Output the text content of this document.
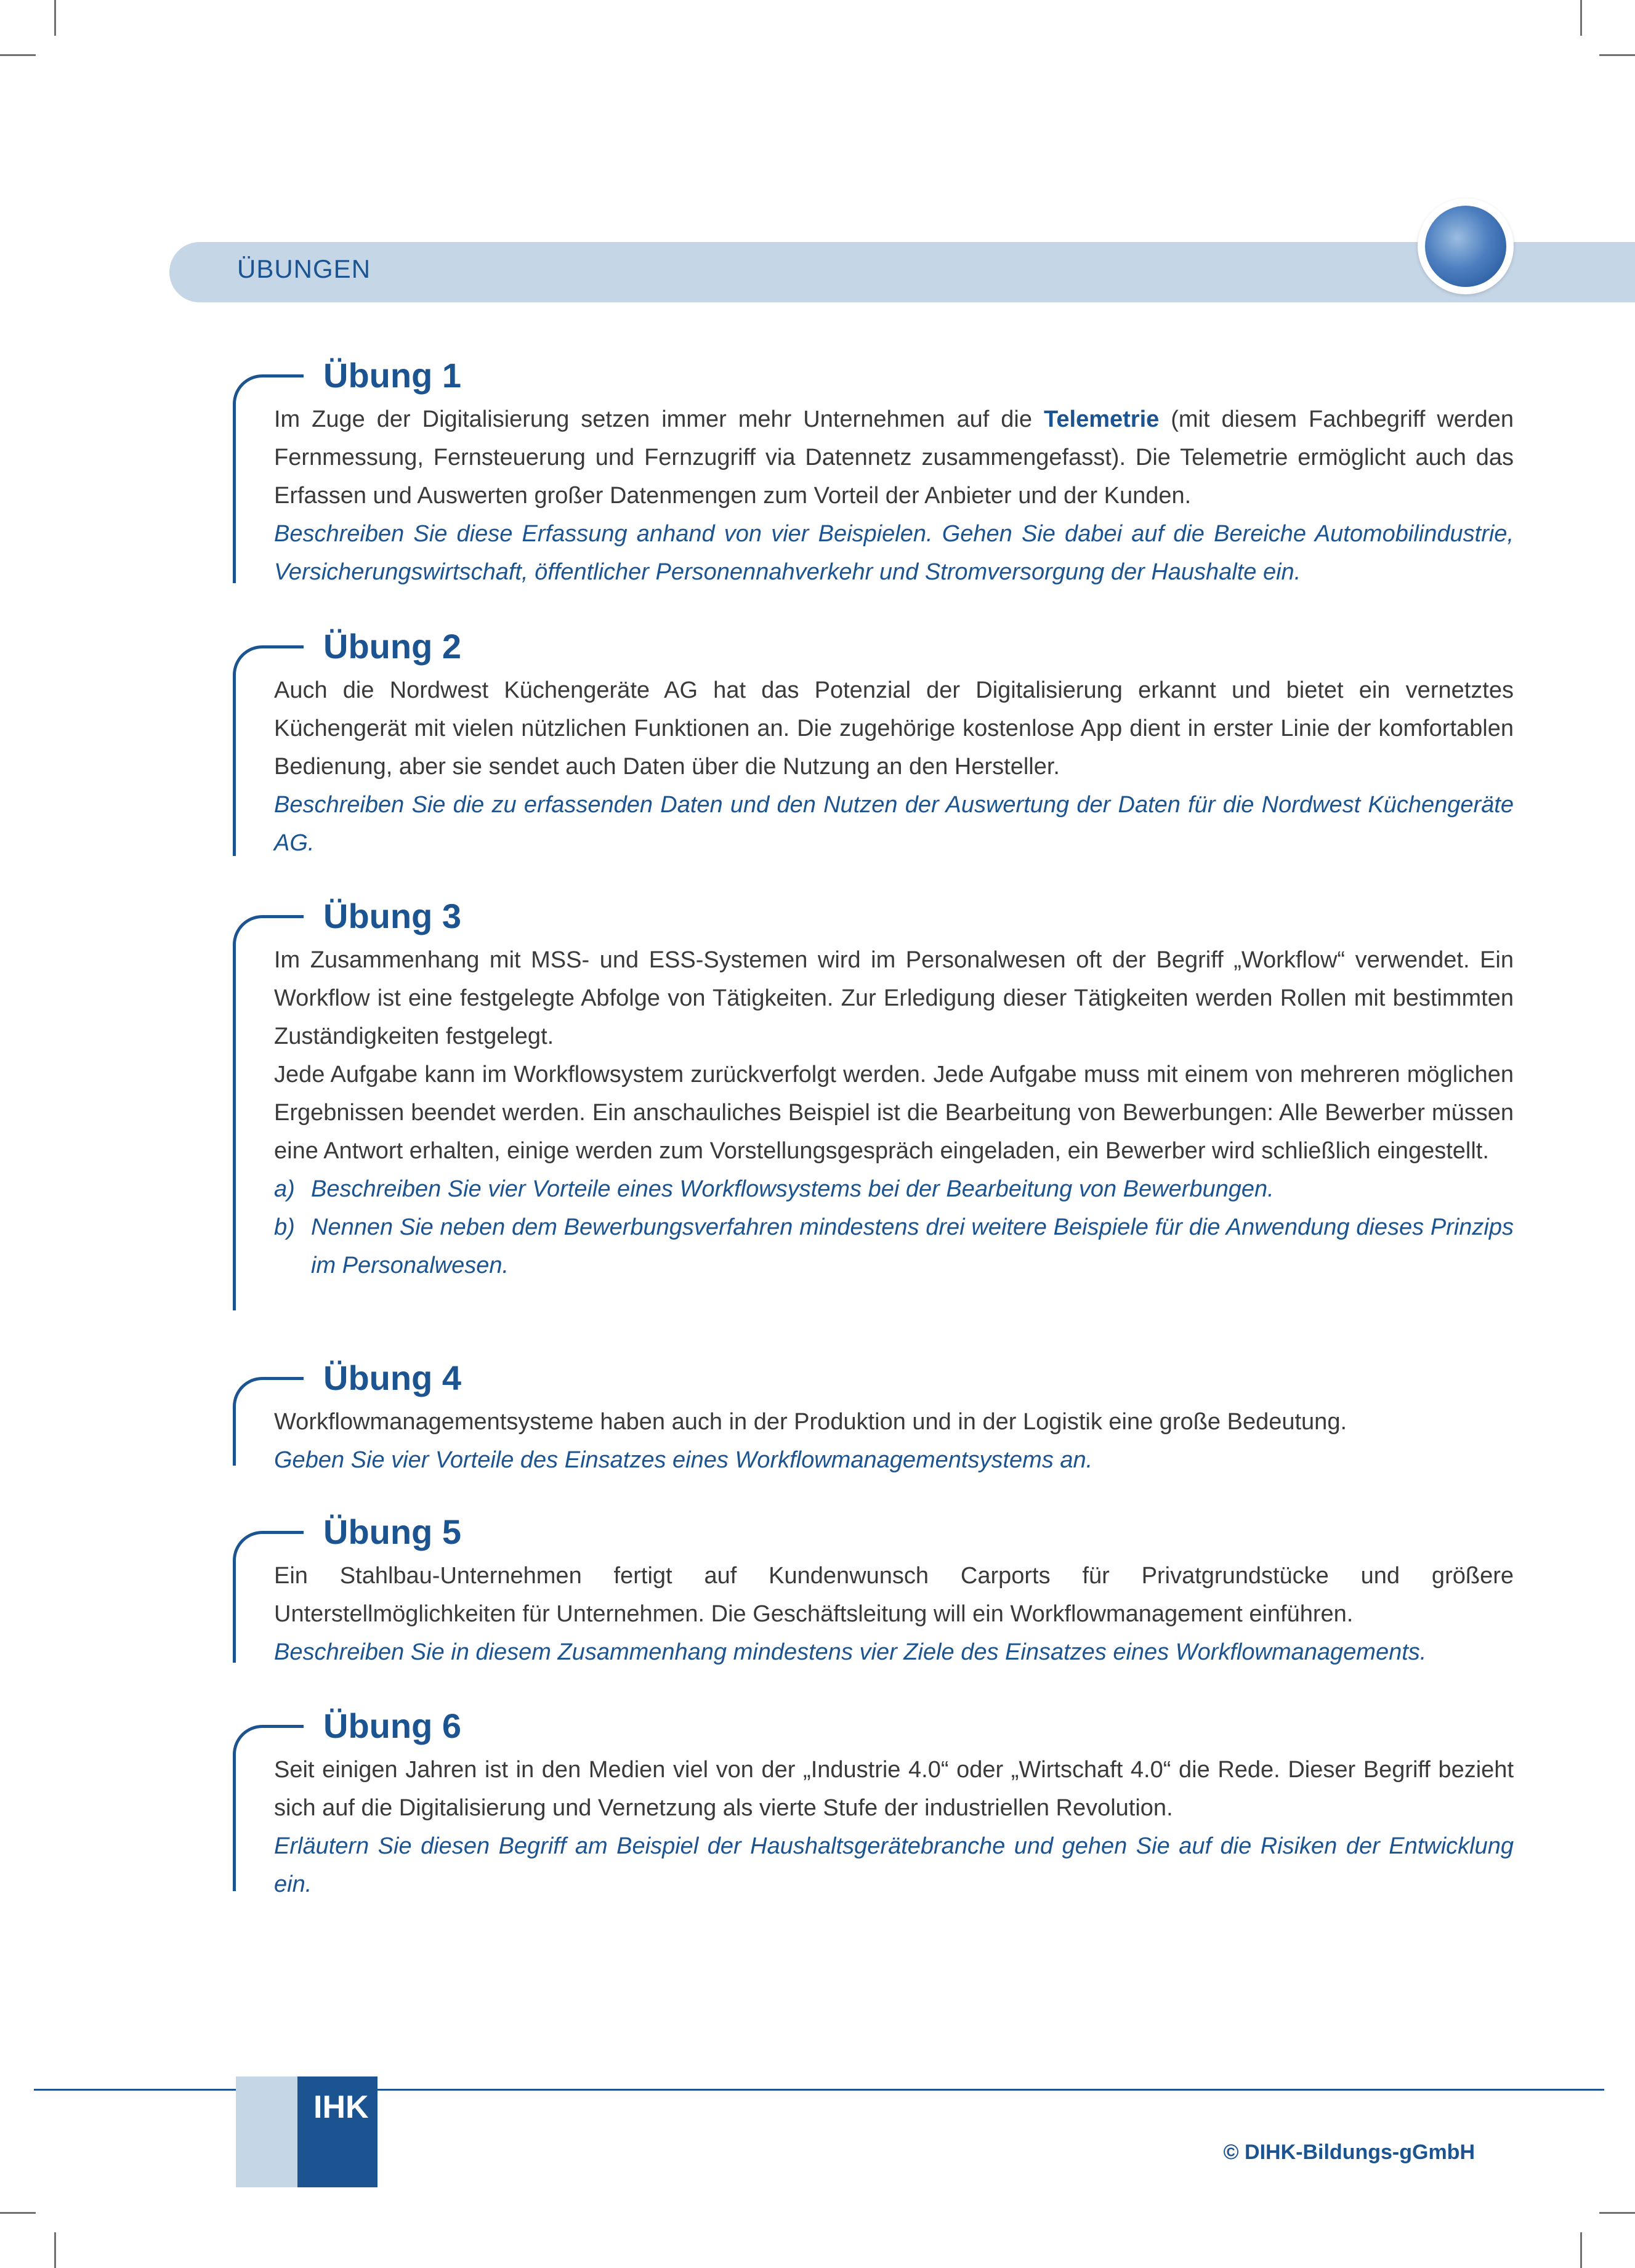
ÜBUNGEN
Übung 1

Im Zuge der Digitalisierung setzen immer mehr Unternehmen auf die Telemetrie (mit diesem Fachbegriff werden Fernmessung, Fernsteuerung und Fernzugriff via Datennetz zusammengefasst). Die Telemetrie ermöglicht auch das Erfassen und Auswerten großer Datenmengen zum Vorteil der Anbieter und der Kunden.

Beschreiben Sie diese Erfassung anhand von vier Beispielen. Gehen Sie dabei auf die Bereiche Automobilindustrie, Versicherungswirtschaft, öffentlicher Personennahverkehr und Stromversorgung der Haushalte ein.

Übung 2

Auch die Nordwest Küchengeräte AG hat das Potenzial der Digitalisierung erkannt und bietet ein vernetztes Küchengerät mit vielen nützlichen Funktionen an. Die zugehörige kostenlose App dient in erster Linie der komfortablen Bedienung, aber sie sendet auch Daten über die Nutzung an den Hersteller.

Beschreiben Sie die zu erfassenden Daten und den Nutzen der Auswertung der Daten für die Nordwest Küchengeräte AG.

Übung 3

Im Zusammenhang mit MSS- und ESS-Systemen wird im Personalwesen oft der Begriff „Workflow“ verwendet. Ein Workflow ist eine festgelegte Abfolge von Tätigkeiten. Zur Erledigung dieser Tätigkeiten werden Rollen mit bestimmten Zuständigkeiten festgelegt.

Jede Aufgabe kann im Workflowsystem zurückverfolgt werden. Jede Aufgabe muss mit einem von mehreren möglichen Ergebnissen beendet werden. Ein anschauliches Beispiel ist die Bearbeitung von Bewerbungen: Alle Bewerber müssen eine Antwort erhalten, einige werden zum Vorstellungsgespräch eingeladen, ein Bewerber wird schließlich eingestellt.

a) Beschreiben Sie vier Vorteile eines Workflowsystems bei der Bearbeitung von Bewerbungen.

b) Nennen Sie neben dem Bewerbungsverfahren mindestens drei weitere Beispiele für die Anwendung dieses Prinzips im Personalwesen.

Übung 4

Workflowmanagementsysteme haben auch in der Produktion und in der Logistik eine große Bedeutung.

Geben Sie vier Vorteile des Einsatzes eines Workflowmanagementsystems an.

Übung 5

Ein Stahlbau-Unternehmen fertigt auf Kundenwunsch Carports für Privatgrundstücke und größere Unterstellmöglichkeiten für Unternehmen. Die Geschäftsleitung will ein Workflowmanagement einführen.

Beschreiben Sie in diesem Zusammenhang mindestens vier Ziele des Einsatzes eines Workflowmanagements.

Übung 6

Seit einigen Jahren ist in den Medien viel von der „Industrie 4.0“ oder „Wirtschaft 4.0“ die Rede. Dieser Begriff bezieht sich auf die Digitalisierung und Vernetzung als vierte Stufe der industriellen Revolution.

Erläutern Sie diesen Begriff am Beispiel der Haushaltsgerätebranche und gehen Sie auf die Risiken der Entwicklung ein.

IHK
© DIHK-Bildungs-gGmbH
